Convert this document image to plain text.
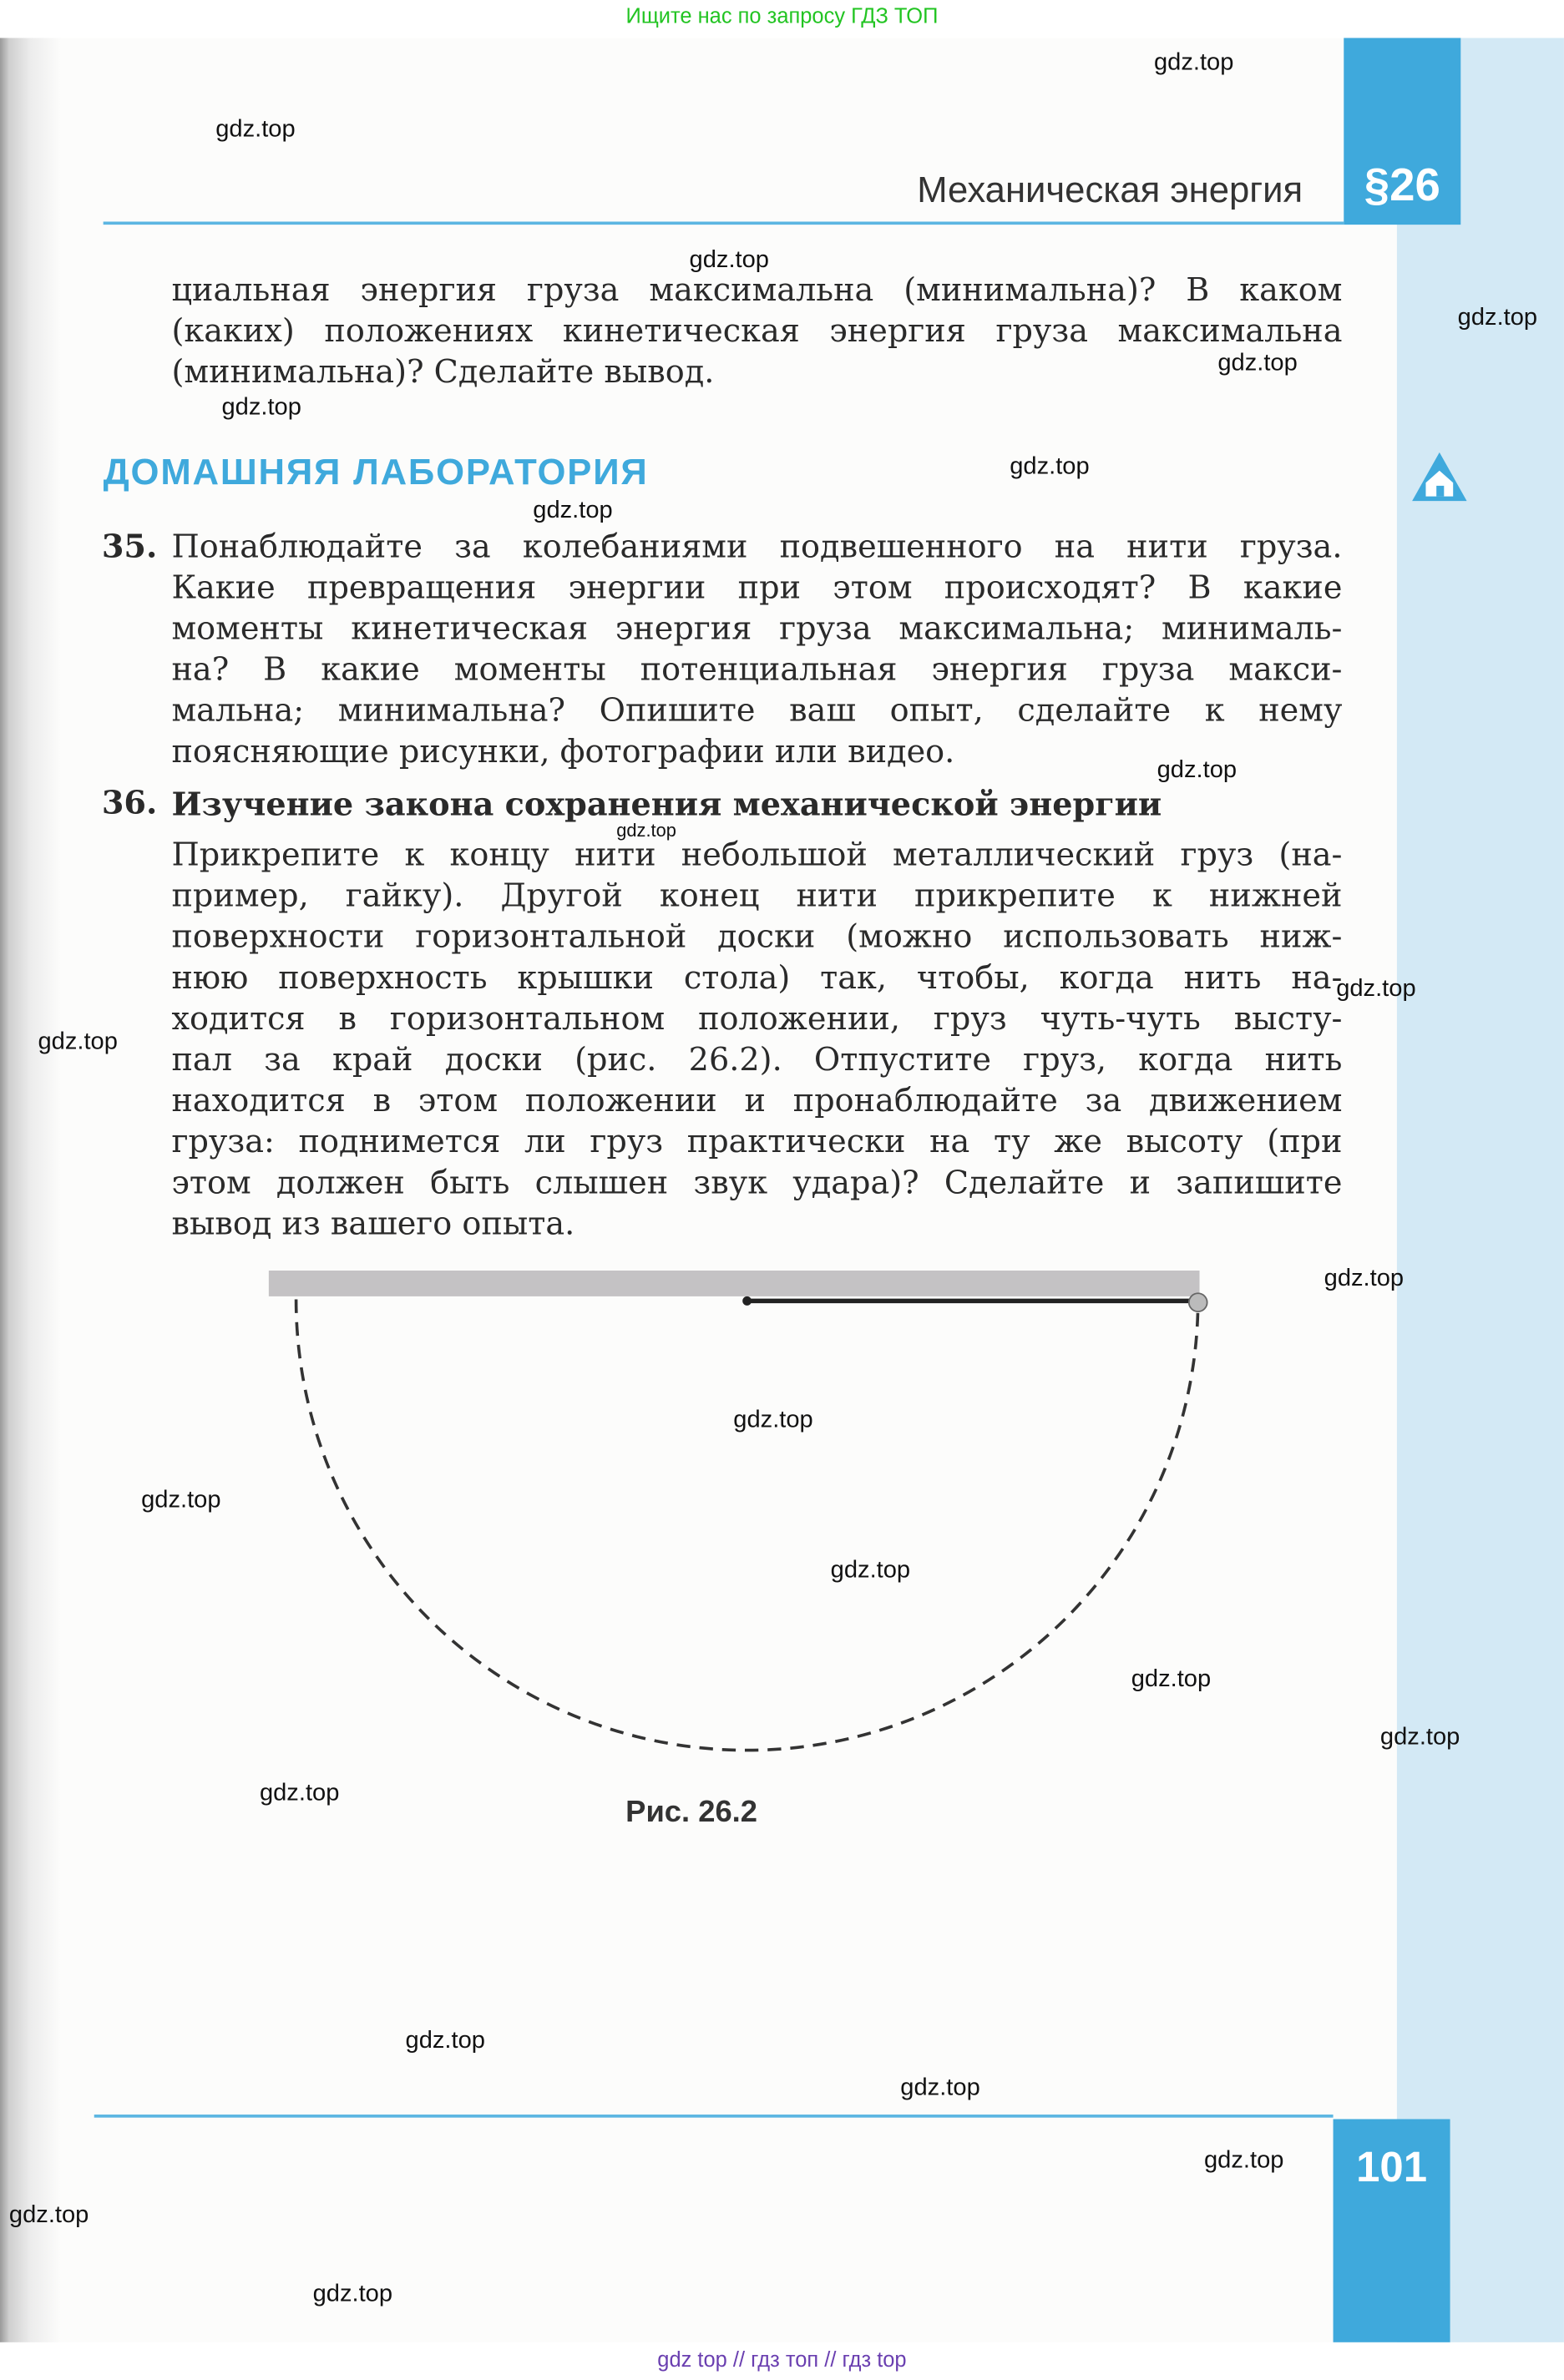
Ищите нас по запросу ГДЗ ТОП
§26
Механическая энергия
циальная энергия груза максимальна (минимальна)? В каком
(каких) положениях кинетическая энергия груза максимальна
(минимальна)? Сделайте вывод.
ДОМАШНЯЯ ЛАБОРАТОРИЯ
35. Понаблюдайте за колебаниями подвешенного на нити груза.
Какие превращения энергии при этом происходят? В какие
моменты кинетическая энергия груза максимальна; минималь-
на? В какие моменты потенциальная энергия груза макси-
мальна; минимальна? Опишите ваш опыт, сделайте к нему
поясняющие рисунки, фотографии или видео.
36. Изучение закона сохранения механической энергии
Прикрепите к концу нити небольшой металлический груз (на-
пример, гайку). Другой конец нити прикрепите к нижней
поверхности горизонтальной доски (можно использовать ниж-
нюю поверхность крышки стола) так, чтобы, когда нить на-
ходится в горизонтальном положении, груз чуть-чуть высту-
пал за край доски (рис. 26.2). Отпустите груз, когда нить
находится в этом положении и пронаблюдайте за движением
груза: поднимется ли груз практически на ту же высоту (при
этом должен быть слышен звук удара)? Сделайте и запишите
вывод из вашего опыта.
Рис. 26.2
101
gdz.top
gdz.top
gdz.top
gdz.top
gdz.top
gdz.top
gdz.top
gdz.top
gdz.top
gdz.top
gdz.top
gdz.top
gdz.top
gdz.top
gdz.top
gdz.top
gdz.top
gdz.top
gdz.top
gdz.top
gdz.top
gdz.top
gdz.top
gdz.top
gdz top // гдз топ // гдз top
